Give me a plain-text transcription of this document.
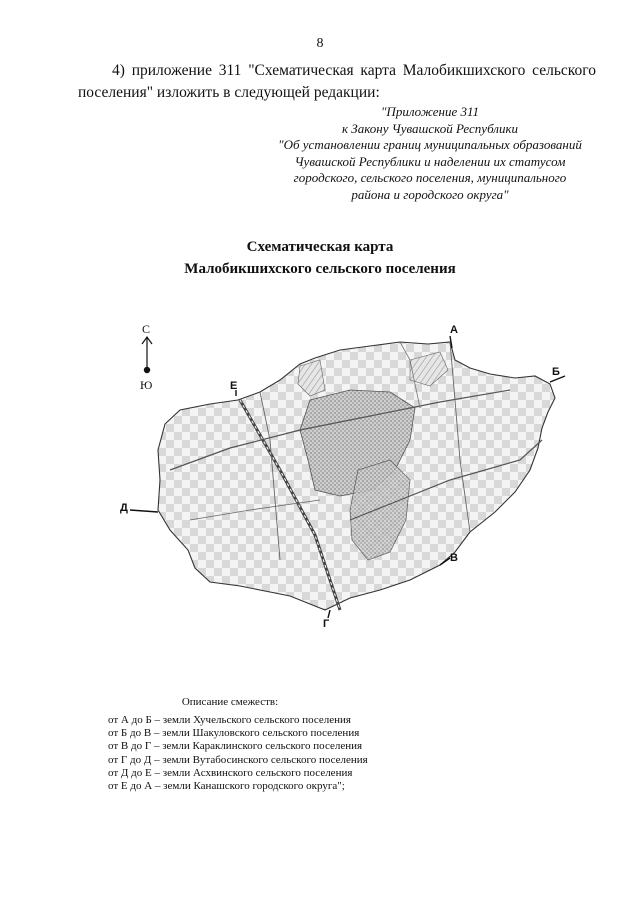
8

4) приложение 311 "Схематическая карта Малобикшихского сельского поселения" изложить в следующей редакции:

"Приложение 311
к Закону Чувашской Республики
"Об установлении границ муниципальных образований
Чувашской Республики и наделении их статусом
городского, сельского поселения, муниципального
района и городского округа"
Схематическая карта
Малобикшихского сельского поселения
С
Ю
А
Б
В
Г
Д
Е
Описание смежеств:
от А до Б – земли Хучельского сельского поселения
от Б до В – земли Шакуловского сельского поселения
от В до Г – земли Караклинского сельского поселения
от Г до Д – земли Вутабосинского сельского поселения
от Д до Е – земли Асхвинского сельского поселения
от Е до А – земли Канашского городского округа";
